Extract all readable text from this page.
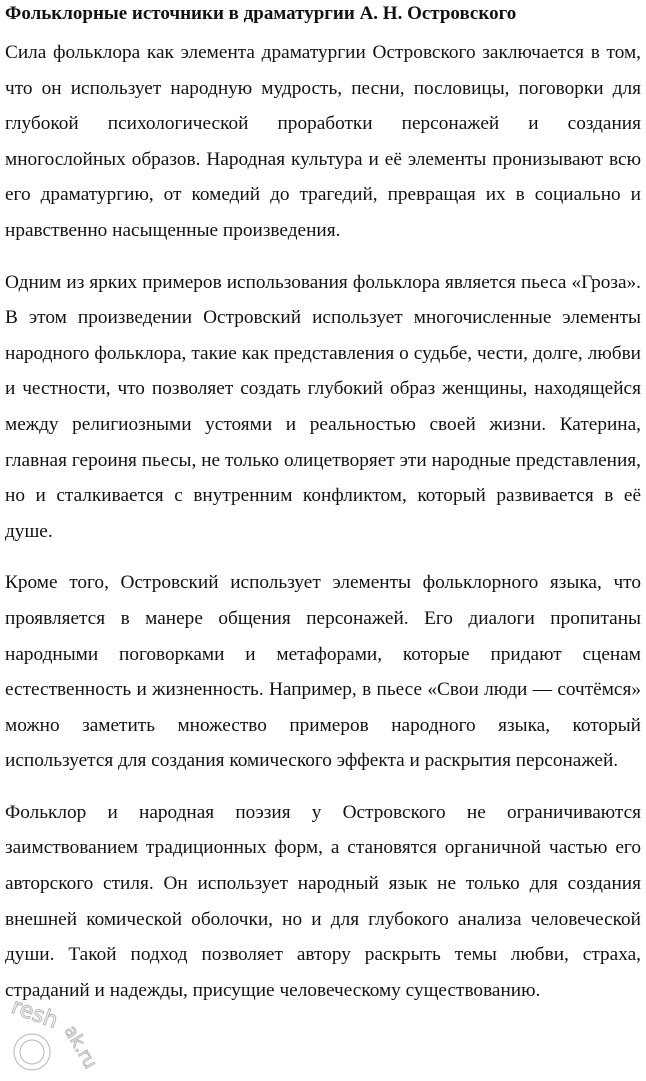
Фольклорные источники в драматургии А. Н. Островского

Сила фольклора как элемента драматургии Островского заключается в том, что он использует народную мудрость, песни, пословицы, поговорки для глубокой психологической проработки персонажей и создания многослойных образов. Народная культура и её элементы пронизывают всю его драматургию, от комедий до трагедий, превращая их в социально и нравственно насыщенные произведения.

Одним из ярких примеров использования фольклора является пьеса «Гроза». В этом произведении Островский использует многочисленные элементы народного фольклора, такие как представления о судьбе, чести, долге, любви и честности, что позволяет создать глубокий образ женщины, находящейся между религиозными устоями и реальностью своей жизни. Катерина, главная героиня пьесы, не только олицетворяет эти народные представления, но и сталкивается с внутренним конфликтом, который развивается в её душе.

Кроме того, Островский использует элементы фольклорного языка, что проявляется в манере общения персонажей. Его диалоги пропитаны народными поговорками и метафорами, которые придают сценам естественность и жизненность. Например, в пьесе «Свои люди — сочтёмся» можно заметить множество примеров народного языка, который используется для создания комического эффекта и раскрытия персонажей.

Фольклор и народная поэзия у Островского не ограничиваются заимствованием традиционных форм, а становятся органичной частью его авторского стиля. Он использует народный язык не только для создания внешней комической оболочки, но и для глубокого анализа человеческой души. Такой подход позволяет автору раскрыть темы любви, страха, страданий и надежды, присущие человеческому существованию.

resh
ak.ru
